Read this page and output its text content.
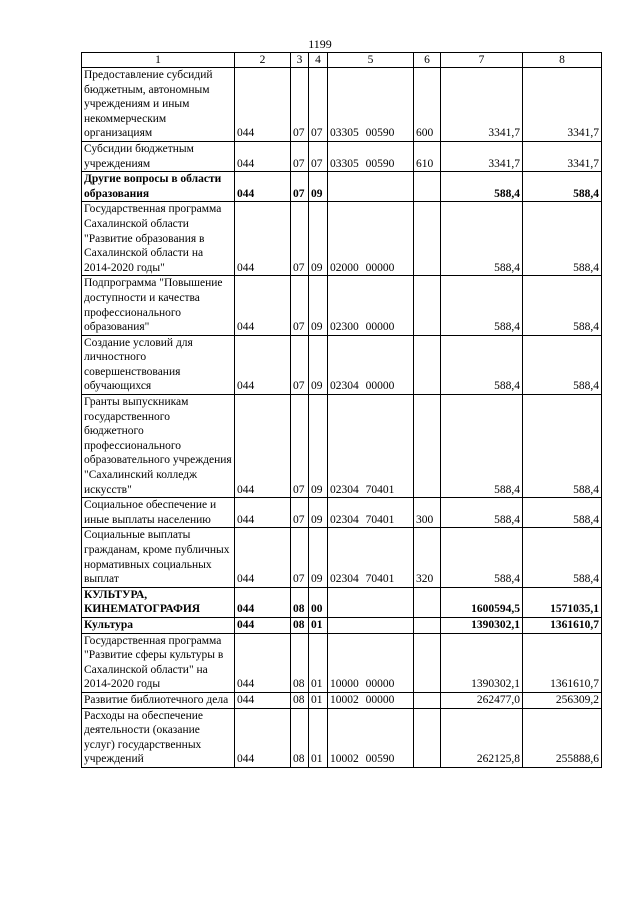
1199
1	2	3	4	5	6	7	8
Предоставление субсидий бюджетным, автономным учреждениям и иным некоммерческим организациям	044	07	07	03305 00590	600	3341,7	3341,7
Субсидии бюджетным учреждениям	044	07	07	03305 00590	610	3341,7	3341,7
Другие вопросы в области образования	044	07	09			588,4	588,4
Государственная программа Сахалинской области "Развитие образования в Сахалинской области на 2014-2020 годы"	044	07	09	02000 00000		588,4	588,4
Подпрограмма "Повышение доступности и качества профессионального образования"	044	07	09	02300 00000		588,4	588,4
Создание условий для личностного совершенствования обучающихся	044	07	09	02304 00000		588,4	588,4
Гранты выпускникам государственного бюджетного профессионального образовательного учреждения "Сахалинский колледж искусств"	044	07	09	02304 70401		588,4	588,4
Социальное обеспечение и иные выплаты населению	044	07	09	02304 70401	300	588,4	588,4
Социальные выплаты гражданам, кроме публичных нормативных социальных выплат	044	07	09	02304 70401	320	588,4	588,4
КУЛЬТУРА, КИНЕМАТОГРАФИЯ	044	08	00			1600594,5	1571035,1
Культура	044	08	01			1390302,1	1361610,7
Государственная программа "Развитие сферы культуры в Сахалинской области" на 2014-2020 годы	044	08	01	10000 00000		1390302,1	1361610,7
Развитие библиотечного дела	044	08	01	10002 00000		262477,0	256309,2
Расходы на обеспечение деятельности (оказание услуг) государственных учреждений	044	08	01	10002 00590		262125,8	255888,6
